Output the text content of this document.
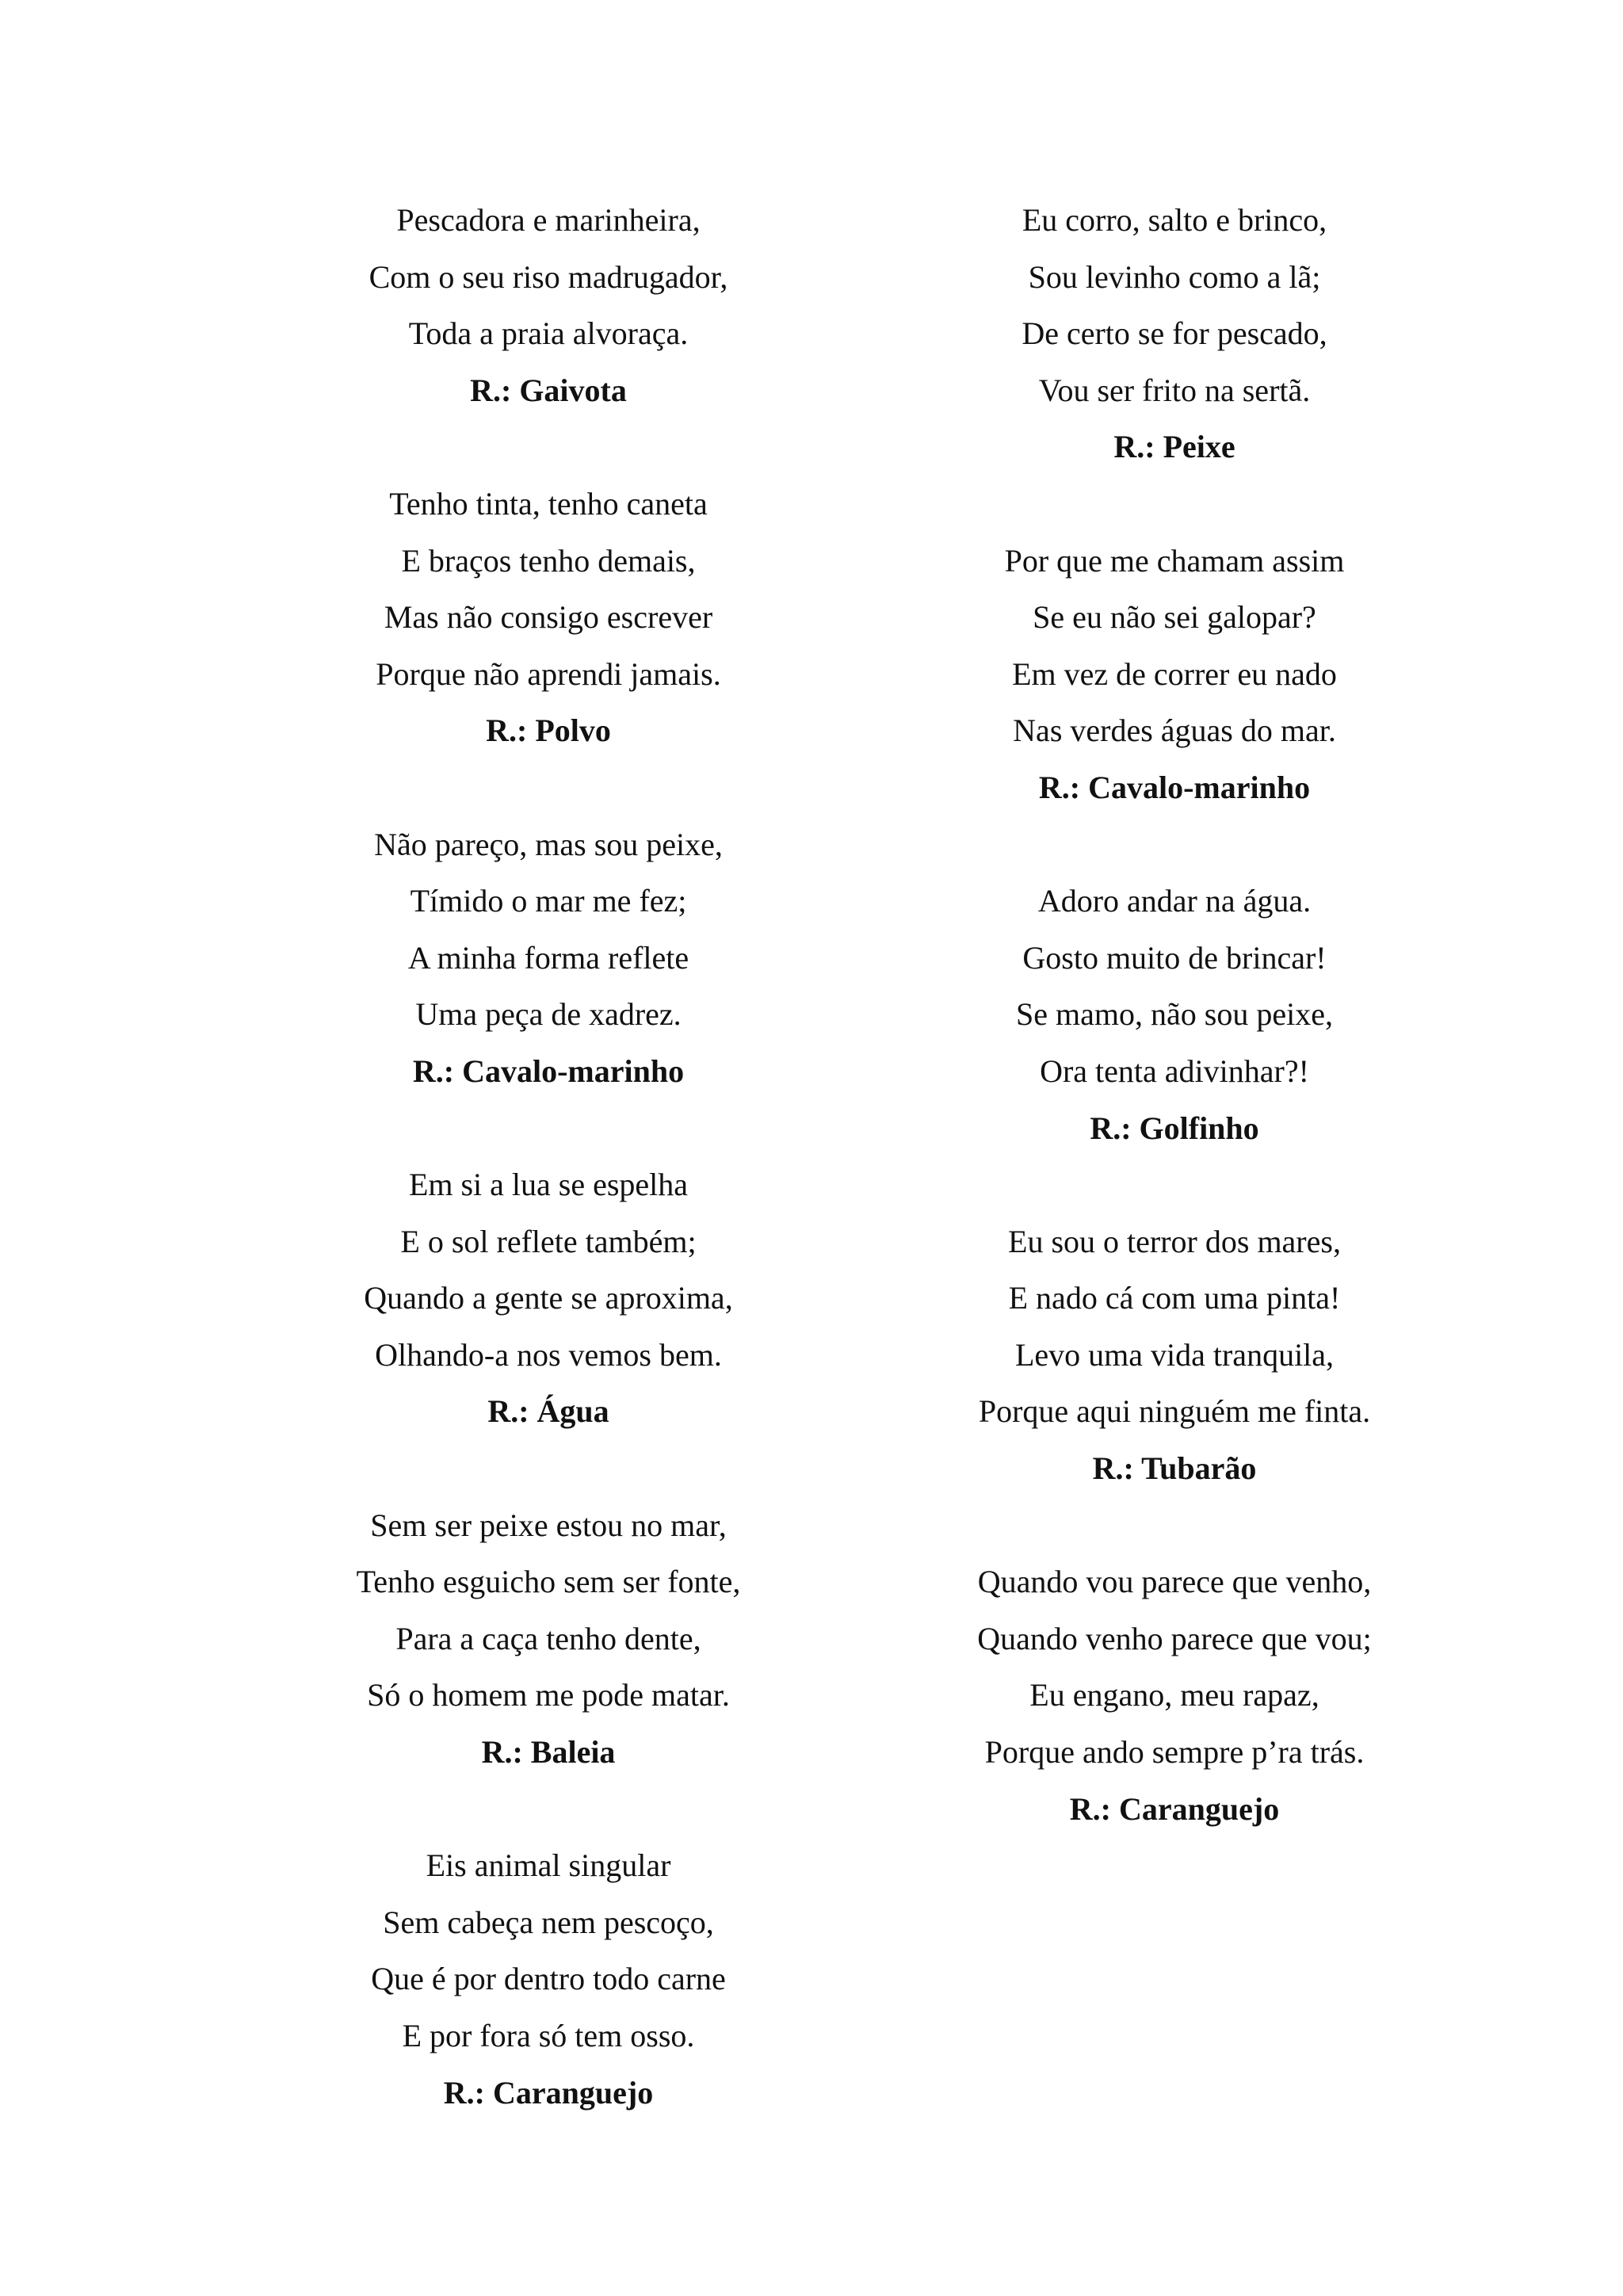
Pescadora e marinheira,
Com o seu riso madrugador,
Toda a praia alvoraça.
R.: Gaivota
Tenho tinta, tenho caneta
E braços tenho demais,
Mas não consigo escrever
Porque não aprendi jamais.
R.: Polvo
Não pareço, mas sou peixe,
Tímido o mar me fez;
A minha forma reflete
Uma peça de xadrez.
R.: Cavalo-marinho
Em si a lua se espelha
E o sol reflete também;
Quando a gente se aproxima,
Olhando-a nos vemos bem.
R.: Água
Sem ser peixe estou no mar,
Tenho esguicho sem ser fonte,
Para a caça tenho dente,
Só o homem me pode matar.
R.: Baleia
Eis animal singular
Sem cabeça nem pescoço,
Que é por dentro todo carne
E por fora só tem osso.
R.: Caranguejo
Eu corro, salto e brinco,
Sou levinho como a lã;
De certo se for pescado,
Vou ser frito na sertã.
R.: Peixe
Por que me chamam assim
Se eu não sei galopar?
Em vez de correr eu nado
Nas verdes águas do mar.
R.: Cavalo-marinho
Adoro andar na água.
Gosto muito de brincar!
Se mamo, não sou peixe,
Ora tenta adivinhar?!
R.: Golfinho
Eu sou o terror dos mares,
E nado cá com uma pinta!
Levo uma vida tranquila,
Porque aqui ninguém me finta.
R.: Tubarão
Quando vou parece que venho,
Quando venho parece que vou;
Eu engano, meu rapaz,
Porque ando sempre p’ra trás.
R.: Caranguejo
